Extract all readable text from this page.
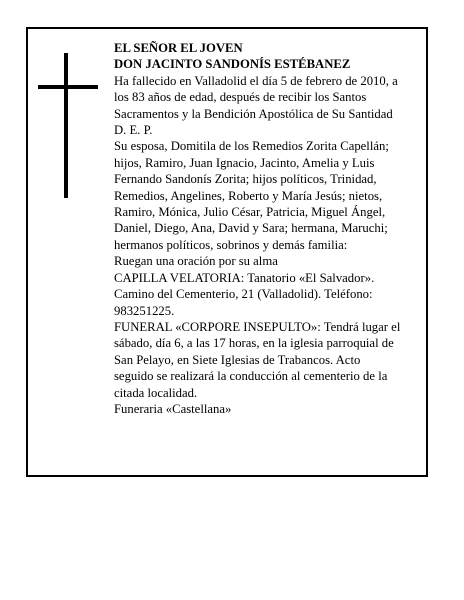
EL SEÑOR EL JOVEN

DON JACINTO SANDONÍS ESTÉBANEZ

Ha fallecido en Valladolid el día 5 de febrero de 2010, a

los 83 años de edad, después de recibir los Santos

Sacramentos y la Bendición Apostólica de Su Santidad

D. E. P.

Su esposa, Domitila de los Remedios Zorita Capellán;

hijos, Ramiro, Juan Ignacio, Jacinto, Amelia y Luis

Fernando Sandonís Zorita; hijos políticos, Trinidad,

Remedios, Angelines, Roberto y María Jesús; nietos,

Ramiro, Mónica, Julio César, Patricia, Miguel Ángel,

Daniel, Diego, Ana, David y Sara; hermana, Maruchi;

hermanos políticos, sobrinos y demás familia:

Ruegan una oración por su alma

CAPILLA VELATORIA: Tanatorio «El Salvador».

Camino del Cementerio, 21 (Valladolid). Teléfono:

983251225.

FUNERAL «CORPORE INSEPULTO»: Tendrá lugar el

sábado, día 6, a las 17 horas, en la iglesia parroquial de

San Pelayo, en Siete Iglesias de Trabancos. Acto

seguido se realizará la conducción al cementerio de la

citada localidad.

Funeraria «Castellana»
